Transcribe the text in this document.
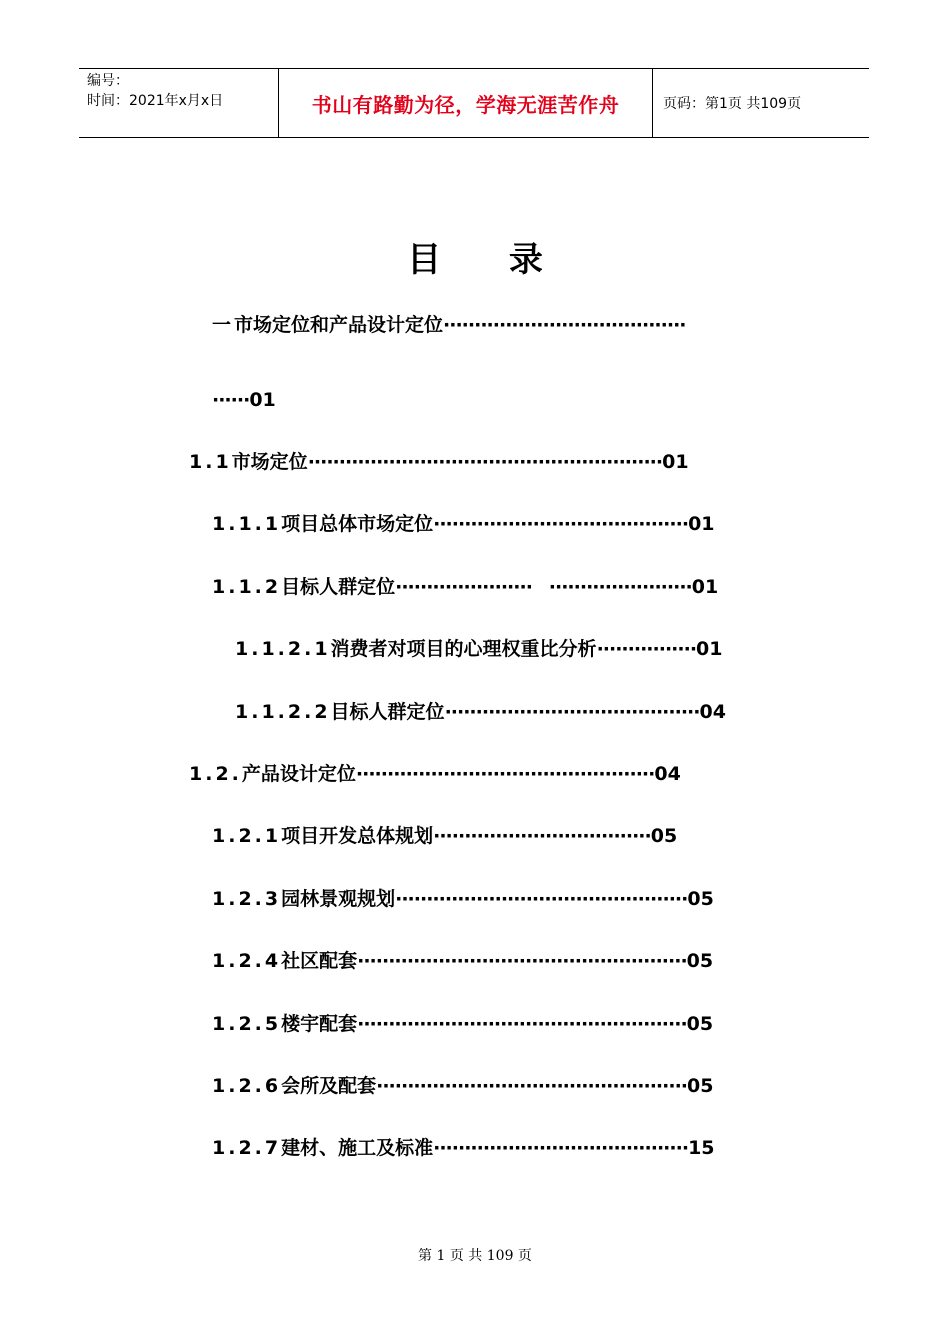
编号：
时间：2021年x月x日	书山有路勤为径，学海无涯苦作舟	页码：第1页 共109页
目 录
一市场定位和产品设计定位·······································
······01
1.1市场定位·························································01
1.1.1项目总体市场定位·········································01
1.1.2目标人群定位······················   ·······················01
1.1.2.1消费者对项目的心理权重比分析················01
1.1.2.2目标人群定位·········································04
1.2.产品设计定位················································04
1.2.1项目开发总体规划···································05
1.2.3园林景观规划···············································05
1.2.4社区配套·····················································05
1.2.5楼宇配套·····················································05
1.2.6会所及配套··················································05
1.2.7建材、施工及标准·········································15
第 1 页 共 109 页
